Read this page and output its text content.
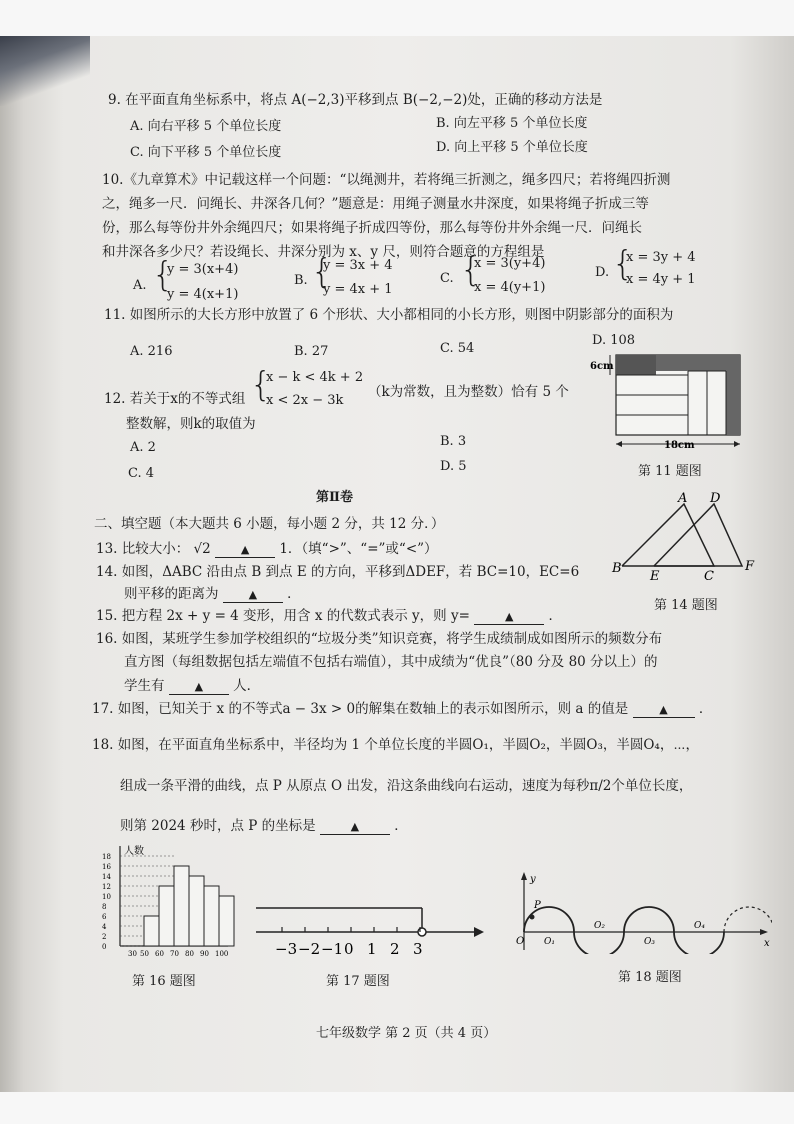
9. 在平面直角坐标系中，将点 A(−2,3)平移到点 B(−2,−2)处，正确的移动方法是
A. 向右平移 5 个单位长度	B. 向左平移 5 个单位长度
C. 向下平移 5 个单位长度	D. 向上平移 5 个单位长度
10.《九章算术》中记载这样一个问题：“以绳测井，若将绳三折测之，绳多四尺；若将绳四折测
之，绳多一尺．问绳长、井深各几何？”题意是：用绳子测量水井深度，如果将绳子折成三等
份，那么每等份井外余绳四尺；如果将绳子折成四等份，那么每等份井外余绳一尺．问绳长
和井深各多少尺？若设绳长、井深分别为 x、y 尺，则符合题意的方程组是
A. {
y = 3(x+4)
y = 4(x+1)
B. {
y = 3x + 4
y = 4x + 1
C. {
x = 3(y+4)
x = 4(y+1)
D. {
x = 3y + 4
x = 4y + 1
11. 如图所示的大长方形中放置了 6 个形状、大小都相同的小长方形，则图中阴影部分的面积为
A. 216	B. 27	C. 54
D. 108
12. 若关于x的不等式组 {
x − k < 4k + 2
x < 2x − 3k
（k为常数，且为整数）恰有 5 个
整数解，则k的取值为
A. 2	B. 3
C. 4	D. 5
6cm
18cm
第 11 题图
第Ⅱ卷
二、填空题（本大题共 6 小题，每小题 2 分，共 12 分．）
13. 比较大小： √2	▲ 1．（填“>”、“=”或“<”）
14. 如图，ΔABC 沿由点 B 到点 E 的方向，平移到ΔDEF，若 BC=10，EC=6
则平移的距离为	▲ ．
A D
B
E	C
F
第 14 题图
15. 把方程 2x + y = 4 变形，用含 x 的代数式表示 y，则 y=	▲	．
16. 如图，某班学生参加学校组织的“垃圾分类”知识竞赛，将学生成绩制成如图所示的频数分布
直方图（每组数据包括左端值不包括右端值），其中成绩为“优良”（80 分及 80 分以上）的
学生有	▲ 人．
17. 如图，已知关于 x 的不等式a − 3x > 0的解集在数轴上的表示如图所示，则 a 的值是	▲ ．
18. 如图，在平面直角坐标系中，半径均为 1 个单位长度的半圆O₁，半圆O₂，半圆O₃，半圆O₄，⋯，
组成一条平滑的曲线，点 P 从原点 O 出发，沿这条曲线向右运动，速度为每秒π/2个单位长度，
则第 2024 秒时，点 P 的坐标是	▲	．
人数
18
16
14
12
10
8
6
4
2
0
30 50 60 70 80 90 100
第 16 题图
−3 −2 −1 0 1 2 3
第 17 题图
y
x
P
O O₁
O₂
O₃
O₄
第 18 题图
七年级数学 第 2 页（共 4 页）
